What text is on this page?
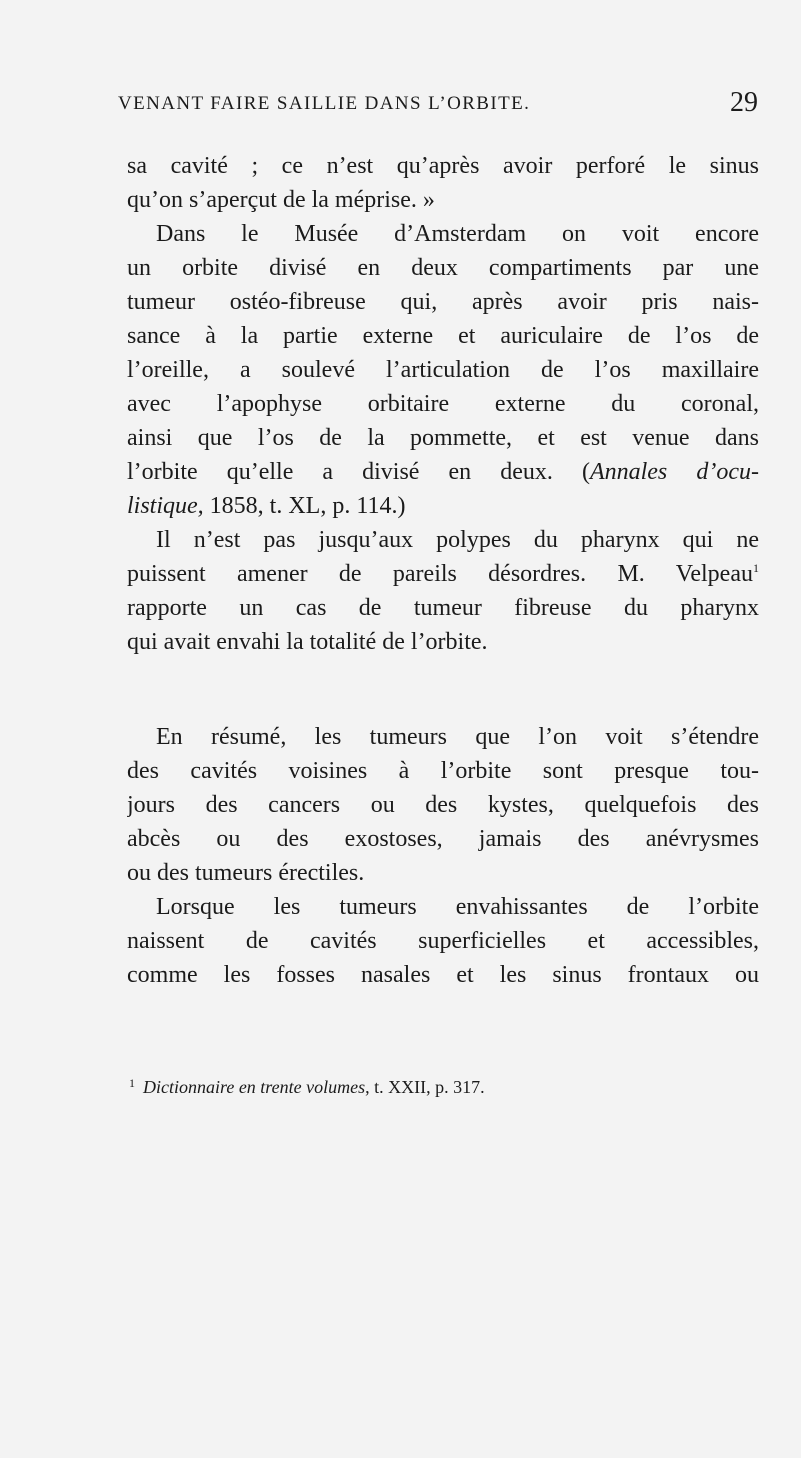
VENANT FAIRE SAILLIE DANS L’ORBITE.	29
sa cavité ; ce n’est qu’après avoir perforé le sinus
qu’on s’aperçut de la méprise. »
Dans le Musée d’Amsterdam on voit encore
un orbite divisé en deux compartiments par une
tumeur ostéo-fibreuse qui, après avoir pris nais-
sance à la partie externe et auriculaire de l’os de
l’oreille, a soulevé l’articulation de l’os maxillaire
avec l’apophyse orbitaire externe du coronal,
ainsi que l’os de la pommette, et est venue dans
l’orbite qu’elle a divisé en deux. (Annales d’ocu-
listique, 1858, t. XL, p. 114.)
Il n’est pas jusqu’aux polypes du pharynx qui ne
puissent amener de pareils désordres. M. Velpeau$^1$
rapporte un cas de tumeur fibreuse du pharynx
qui avait envahi la totalité de l’orbite.
En résumé, les tumeurs que l’on voit s’étendre
des cavités voisines à l’orbite sont presque tou-
jours des cancers ou des kystes, quelquefois des
abcès ou des exostoses, jamais des anévrysmes
ou des tumeurs érectiles.
Lorsque les tumeurs envahissantes de l’orbite
naissent de cavités superficielles et accessibles,
comme les fosses nasales et les sinus frontaux ou
$^1$ Dictionnaire en trente volumes, t. XXII, p. 317.
